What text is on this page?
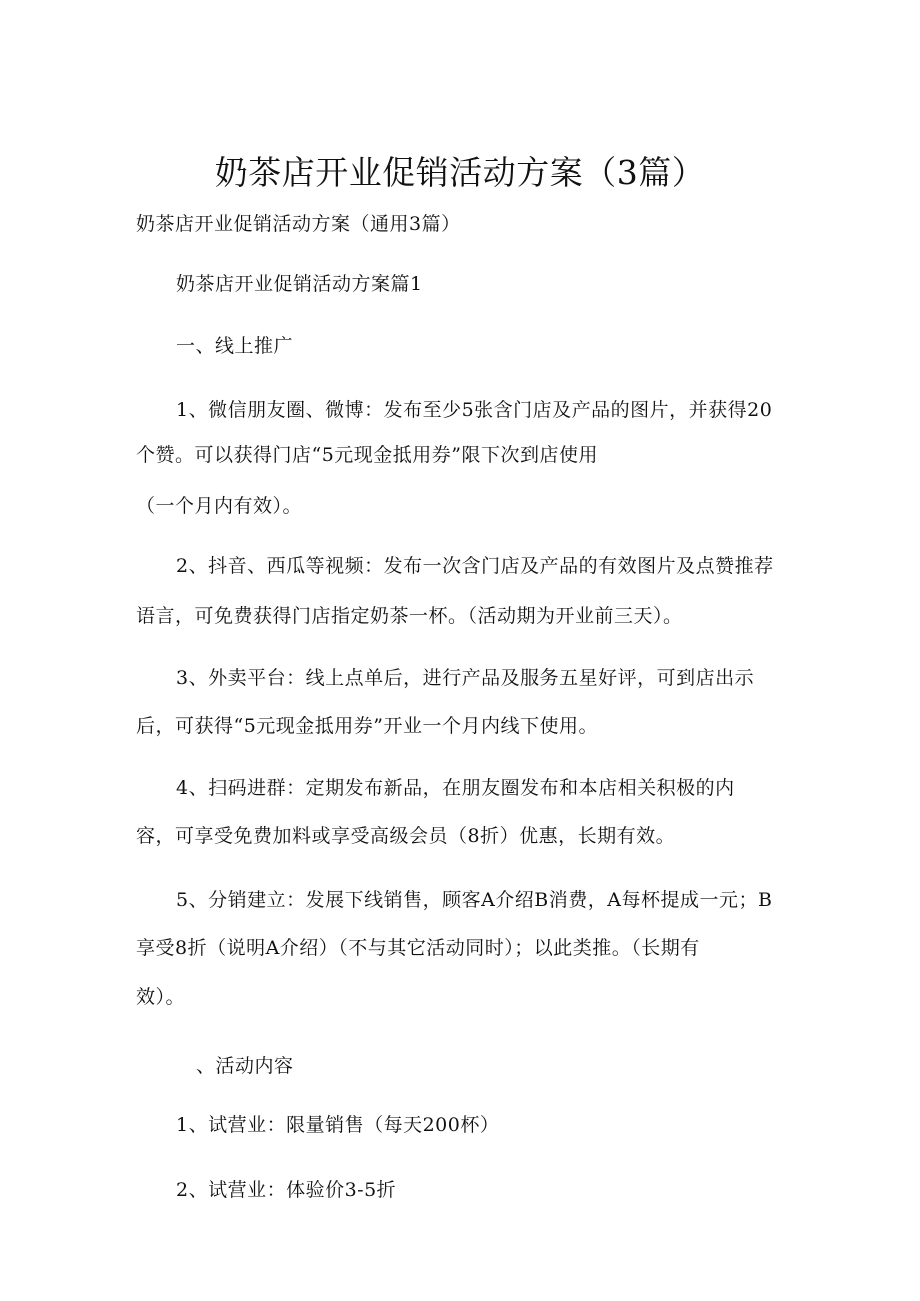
奶茶店开业促销活动方案（3篇）
奶茶店开业促销活动方案（通用3篇）
奶茶店开业促销活动方案篇1
一、线上推广
1、微信朋友圈、微博：发布至少5张含门店及产品的图片，并获得20
个赞。可以获得门店“5元现金抵用券”限下次到店使用
（一个月内有效）。
2、抖音、西瓜等视频：发布一次含门店及产品的有效图片及点赞推荐
语言，可免费获得门店指定奶茶一杯。（活动期为开业前三天）。
3、外卖平台：线上点单后，进行产品及服务五星好评，可到店出示
后，可获得“5元现金抵用券”开业一个月内线下使用。
4、扫码进群：定期发布新品，在朋友圈发布和本店相关积极的内
容，可享受免费加料或享受高级会员（8折）优惠，长期有效。
5、分销建立：发展下线销售，顾客A介绍B消费，A每杯提成一元；B
享受8折（说明A介绍）（不与其它活动同时）；以此类推。（长期有
效）。
、活动内容
1、试营业：限量销售（每天200杯）
2、试营业：体验价3-5折
